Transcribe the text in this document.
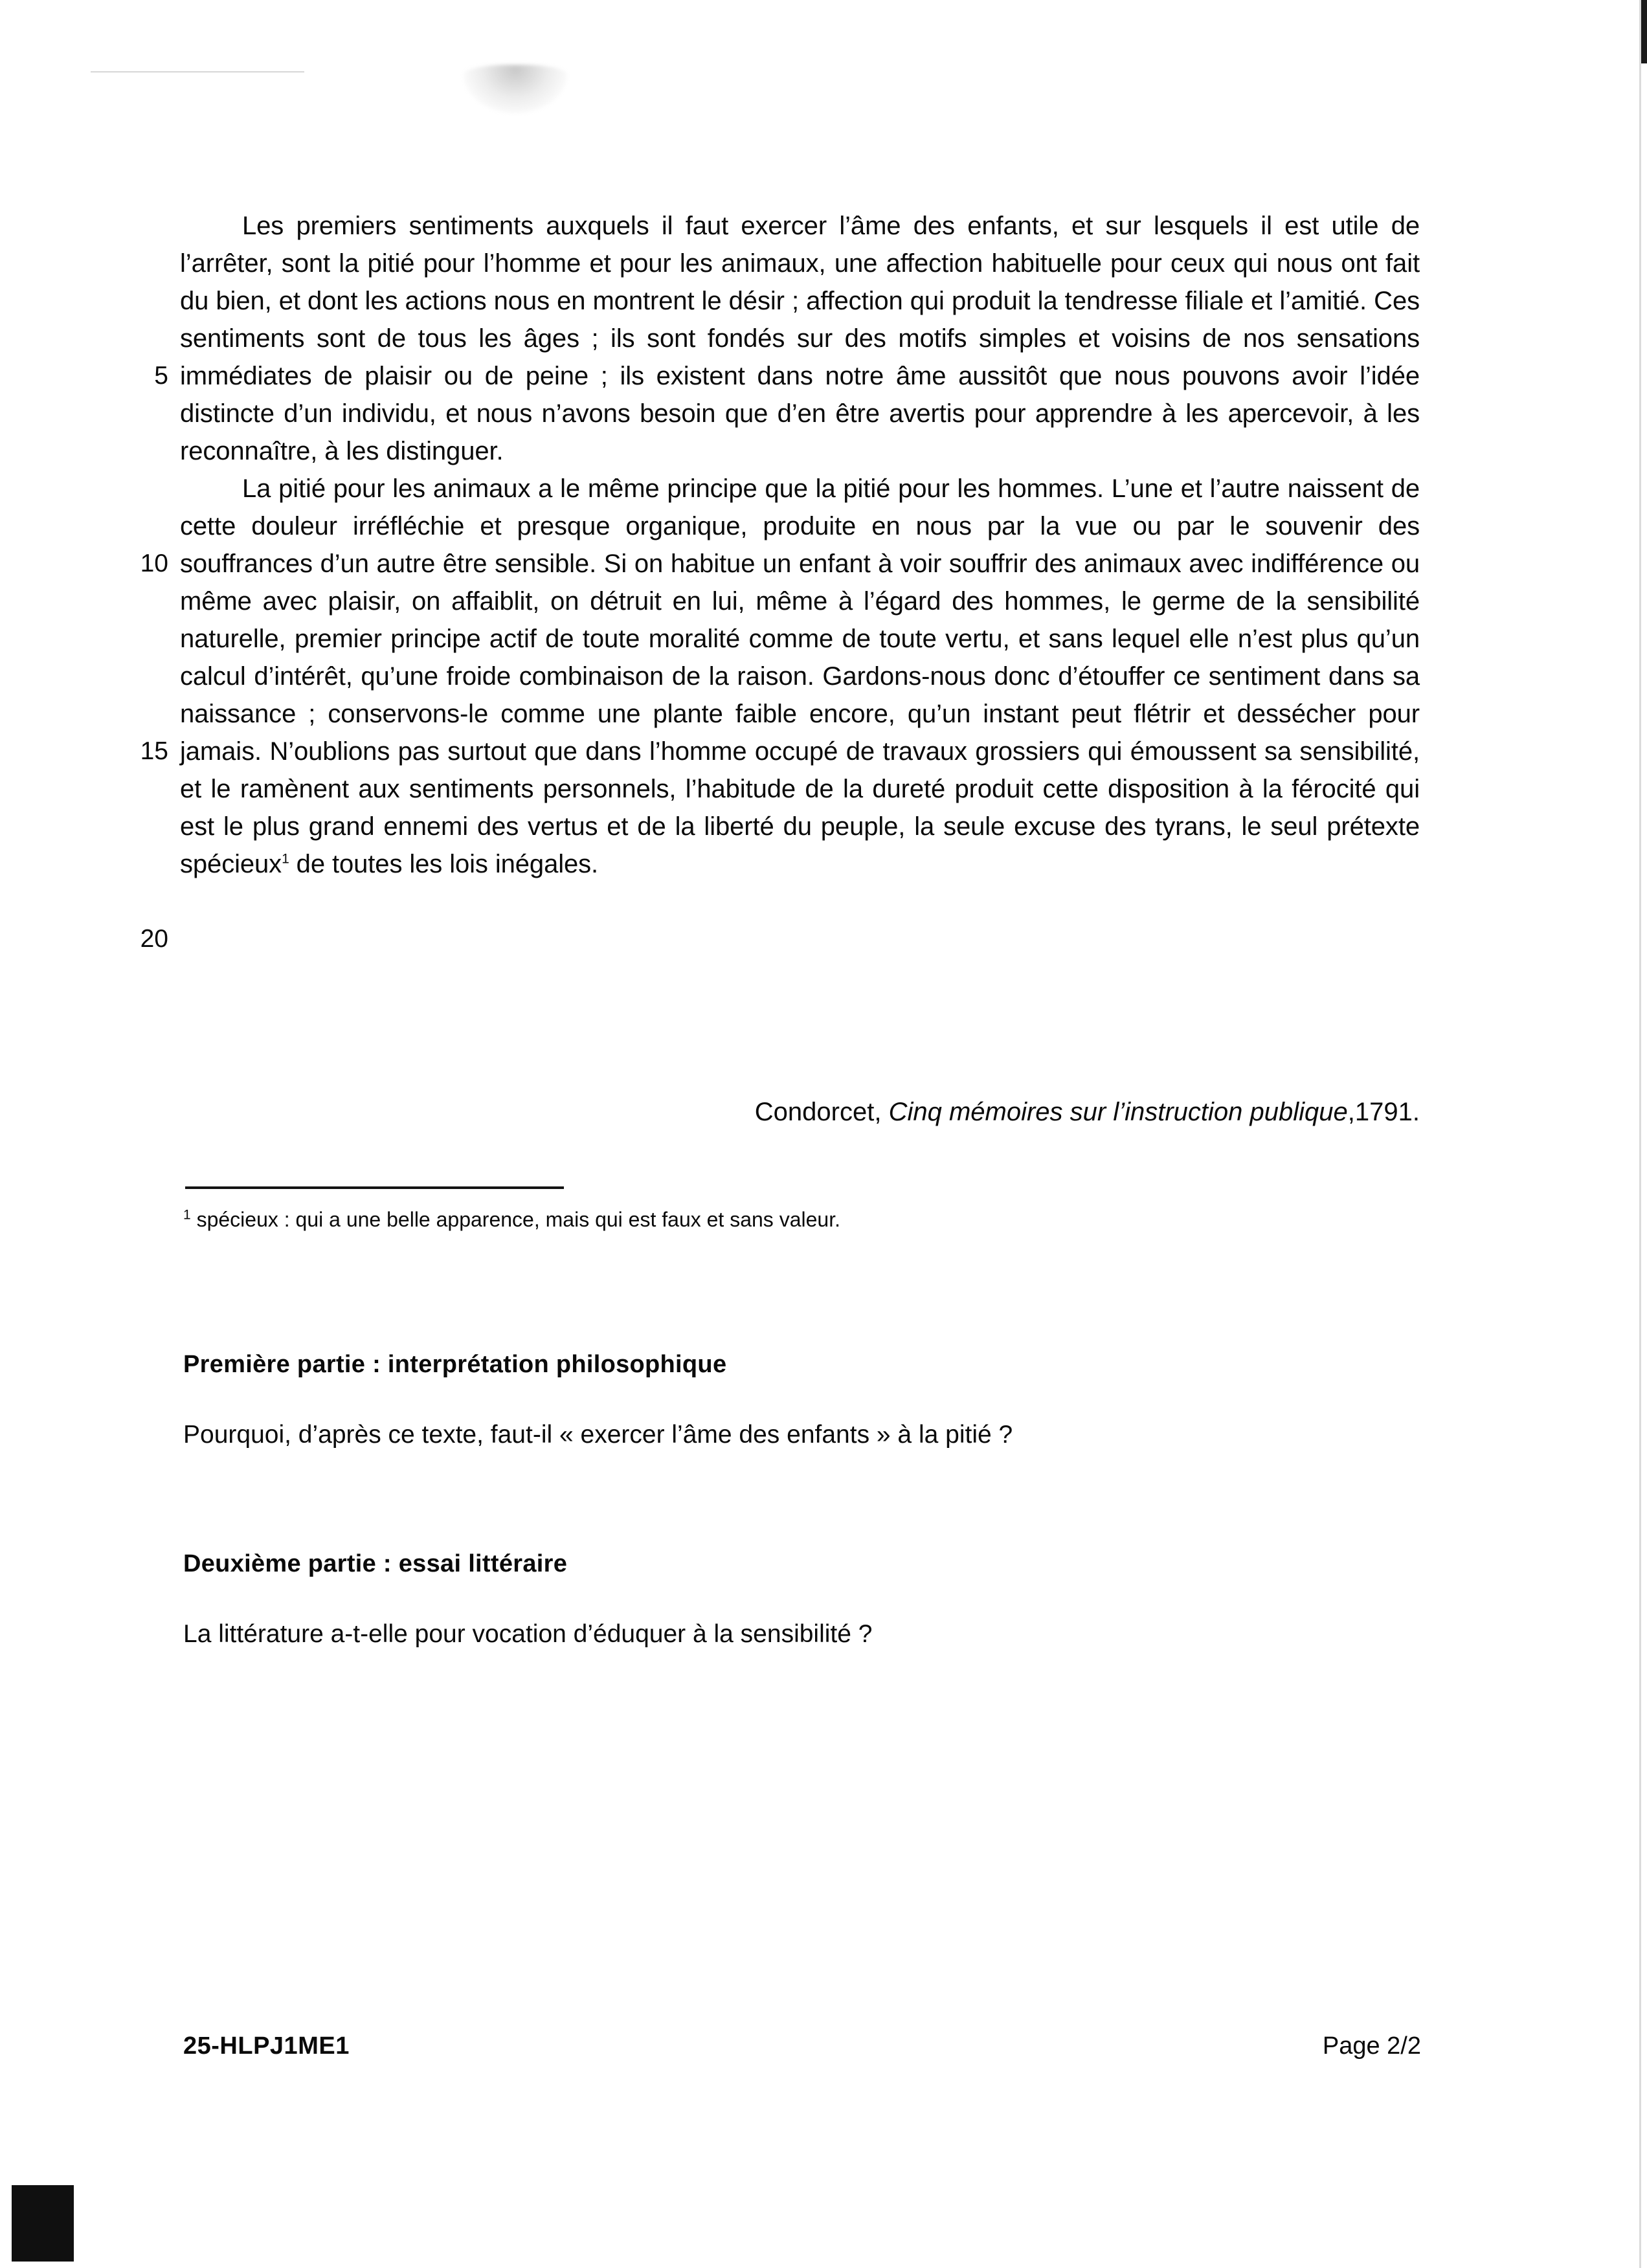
5
10
15
20

Les premiers sentiments auxquels il faut exercer l’âme des enfants, et sur lesquels il est utile de l’arrêter, sont la pitié pour l’homme et pour les animaux, une affection habituelle pour ceux qui nous ont fait du bien, et dont les actions nous en montrent le désir ; affection qui produit la tendresse filiale et l’amitié. Ces sentiments sont de tous les âges ; ils sont fondés sur des motifs simples et voisins de nos sensations immédiates de plaisir ou de peine ; ils existent dans notre âme aussitôt que nous pouvons avoir l’idée distincte d’un individu, et nous n’avons besoin que d’en être avertis pour apprendre à les apercevoir, à les reconnaître, à les distinguer.

La pitié pour les animaux a le même principe que la pitié pour les hommes. L’une et l’autre naissent de cette douleur irréfléchie et presque organique, produite en nous par la vue ou par le souvenir des souffrances d’un autre être sensible. Si on habitue un enfant à voir souffrir des animaux avec indifférence ou même avec plaisir, on affaiblit, on détruit en lui, même à l’égard des hommes, le germe de la sensibilité naturelle, premier principe actif de toute moralité comme de toute vertu, et sans lequel elle n’est plus qu’un calcul d’intérêt, qu’une froide combinaison de la raison. Gardons-nous donc d’étouffer ce sentiment dans sa naissance ; conservons-le comme une plante faible encore, qu’un instant peut flétrir et dessécher pour jamais. N’oublions pas surtout que dans l’homme occupé de travaux grossiers qui émoussent sa sensibilité, et le ramènent aux sentiments personnels, l’habitude de la dureté produit cette disposition à la férocité qui est le plus grand ennemi des vertus et de la liberté du peuple, la seule excuse des tyrans, le seul prétexte spécieux$^1$ de toutes les lois inégales.

Condorcet, Cinq mémoires sur l’instruction publique,1791.
$^1$ spécieux : qui a une belle apparence, mais qui est faux et sans valeur.

Première partie : interprétation philosophique

Pourquoi, d’après ce texte, faut-il « exercer l’âme des enfants » à la pitié ?

Deuxième partie : essai littéraire

La littérature a-t-elle pour vocation d’éduquer à la sensibilité ?

25-HLPJ1ME1	Page 2/2
